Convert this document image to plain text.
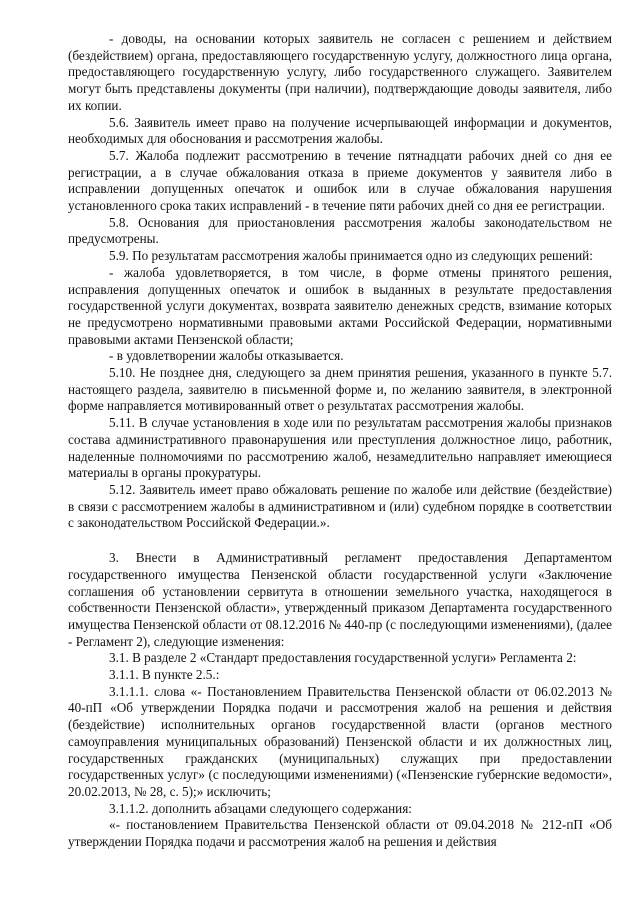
- доводы, на основании которых заявитель не согласен с решением и действием (бездействием) органа, предоставляющего государственную услугу, должностного лица органа, предоставляющего государственную услугу, либо государственного служащего. Заявителем могут быть представлены документы (при наличии), подтверждающие доводы заявителя, либо их копии.

5.6. Заявитель имеет право на получение исчерпывающей информации и документов, необходимых для обоснования и рассмотрения жалобы.

5.7. Жалоба подлежит рассмотрению в течение пятнадцати рабочих дней со дня ее регистрации, а в случае обжалования отказа в приеме документов у заявителя либо в исправлении допущенных опечаток и ошибок или в случае обжалования нарушения установленного срока таких исправлений - в течение пяти рабочих дней со дня ее регистрации.

5.8. Основания для приостановления рассмотрения жалобы законодательством не предусмотрены.

5.9. По результатам рассмотрения жалобы принимается одно из следующих решений:

- жалоба удовлетворяется, в том числе, в форме отмены принятого решения, исправления допущенных опечаток и ошибок в выданных в результате предоставления государственной услуги документах, возврата заявителю денежных средств, взимание которых не предусмотрено нормативными правовыми актами Российской Федерации, нормативными правовыми актами Пензенской области;

- в удовлетворении жалобы отказывается.

5.10. Не позднее дня, следующего за днем принятия решения, указанного в пункте 5.7. настоящего раздела, заявителю в письменной форме и, по желанию заявителя, в электронной форме направляется мотивированный ответ о результатах рассмотрения жалобы.

5.11. В случае установления в ходе или по результатам рассмотрения жалобы признаков состава административного правонарушения или преступления должностное лицо, работник, наделенные полномочиями по рассмотрению жалоб, незамедлительно направляет имеющиеся материалы в органы прокуратуры.

5.12. Заявитель имеет право обжаловать решение по жалобе или действие (бездействие) в связи с рассмотрением жалобы в административном и (или) судебном порядке в соответствии с законодательством Российской Федерации.».

3. Внести в Административный регламент предоставления Департаментом государственного имущества Пензенской области государственной услуги «Заключение соглашения об установлении сервитута в отношении земельного участка, находящегося в собственности Пензенской области», утвержденный приказом Департамента государственного имущества Пензенской области от 08.12.2016 № 440-пр (с последующими изменениями), (далее - Регламент 2), следующие изменения:

3.1. В разделе 2 «Стандарт предоставления государственной услуги» Регламента 2:

3.1.1. В пункте 2.5.:

3.1.1.1. слова «- Постановлением Правительства Пензенской области от 06.02.2013 № 40-пП «Об утверждении Порядка подачи и рассмотрения жалоб на решения и действия (бездействие) исполнительных органов государственной власти (органов местного самоуправления муниципальных образований) Пензенской области и их должностных лиц, государственных гражданских (муниципальных) служащих при предоставлении государственных услуг» (с последующими изменениями) («Пензенские губернские ведомости», 20.02.2013, № 28, с. 5);» исключить;

3.1.1.2. дополнить абзацами следующего содержания:

«- постановлением Правительства Пензенской области от 09.04.2018 № 212-пП «Об утверждении Порядка подачи и рассмотрения жалоб на решения и действия
